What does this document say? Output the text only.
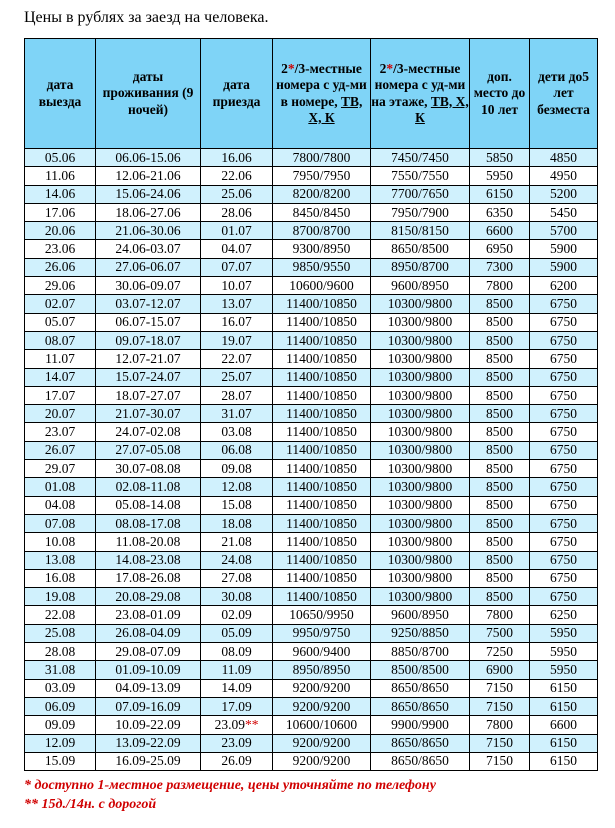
Цены в рублях за заезд на человека.
дата выезда	даты проживания (9 ночей)	дата приезда	2*/3-местные номера с уд-ми в номере, ТВ, Х, К	2*/3-местные номера с уд-ми на этаже, ТВ, Х, К	доп. место до 10 лет	дети до5 лет безместа
05.06	06.06-15.06	16.06	7800/7800	7450/7450	5850	4850
11.06	12.06-21.06	22.06	7950/7950	7550/7550	5950	4950
14.06	15.06-24.06	25.06	8200/8200	7700/7650	6150	5200
17.06	18.06-27.06	28.06	8450/8450	7950/7900	6350	5450
20.06	21.06-30.06	01.07	8700/8700	8150/8150	6600	5700
23.06	24.06-03.07	04.07	9300/8950	8650/8500	6950	5900
26.06	27.06-06.07	07.07	9850/9550	8950/8700	7300	5900
29.06	30.06-09.07	10.07	10600/9600	9600/8950	7800	6200
02.07	03.07-12.07	13.07	11400/10850	10300/9800	8500	6750
05.07	06.07-15.07	16.07	11400/10850	10300/9800	8500	6750
08.07	09.07-18.07	19.07	11400/10850	10300/9800	8500	6750
11.07	12.07-21.07	22.07	11400/10850	10300/9800	8500	6750
14.07	15.07-24.07	25.07	11400/10850	10300/9800	8500	6750
17.07	18.07-27.07	28.07	11400/10850	10300/9800	8500	6750
20.07	21.07-30.07	31.07	11400/10850	10300/9800	8500	6750
23.07	24.07-02.08	03.08	11400/10850	10300/9800	8500	6750
26.07	27.07-05.08	06.08	11400/10850	10300/9800	8500	6750
29.07	30.07-08.08	09.08	11400/10850	10300/9800	8500	6750
01.08	02.08-11.08	12.08	11400/10850	10300/9800	8500	6750
04.08	05.08-14.08	15.08	11400/10850	10300/9800	8500	6750
07.08	08.08-17.08	18.08	11400/10850	10300/9800	8500	6750
10.08	11.08-20.08	21.08	11400/10850	10300/9800	8500	6750
13.08	14.08-23.08	24.08	11400/10850	10300/9800	8500	6750
16.08	17.08-26.08	27.08	11400/10850	10300/9800	8500	6750
19.08	20.08-29.08	30.08	11400/10850	10300/9800	8500	6750
22.08	23.08-01.09	02.09	10650/9950	9600/8950	7800	6250
25.08	26.08-04.09	05.09	9950/9750	9250/8850	7500	5950
28.08	29.08-07.09	08.09	9600/9400	8850/8700	7250	5950
31.08	01.09-10.09	11.09	8950/8950	8500/8500	6900	5950
03.09	04.09-13.09	14.09	9200/9200	8650/8650	7150	6150
06.09	07.09-16.09	17.09	9200/9200	8650/8650	7150	6150
09.09	10.09-22.09	23.09**	10600/10600	9900/9900	7800	6600
12.09	13.09-22.09	23.09	9200/9200	8650/8650	7150	6150
15.09	16.09-25.09	26.09	9200/9200	8650/8650	7150	6150
* доступно 1-местное размещение, цены уточняйте по телефону
** 15д./14н. с дорогой
